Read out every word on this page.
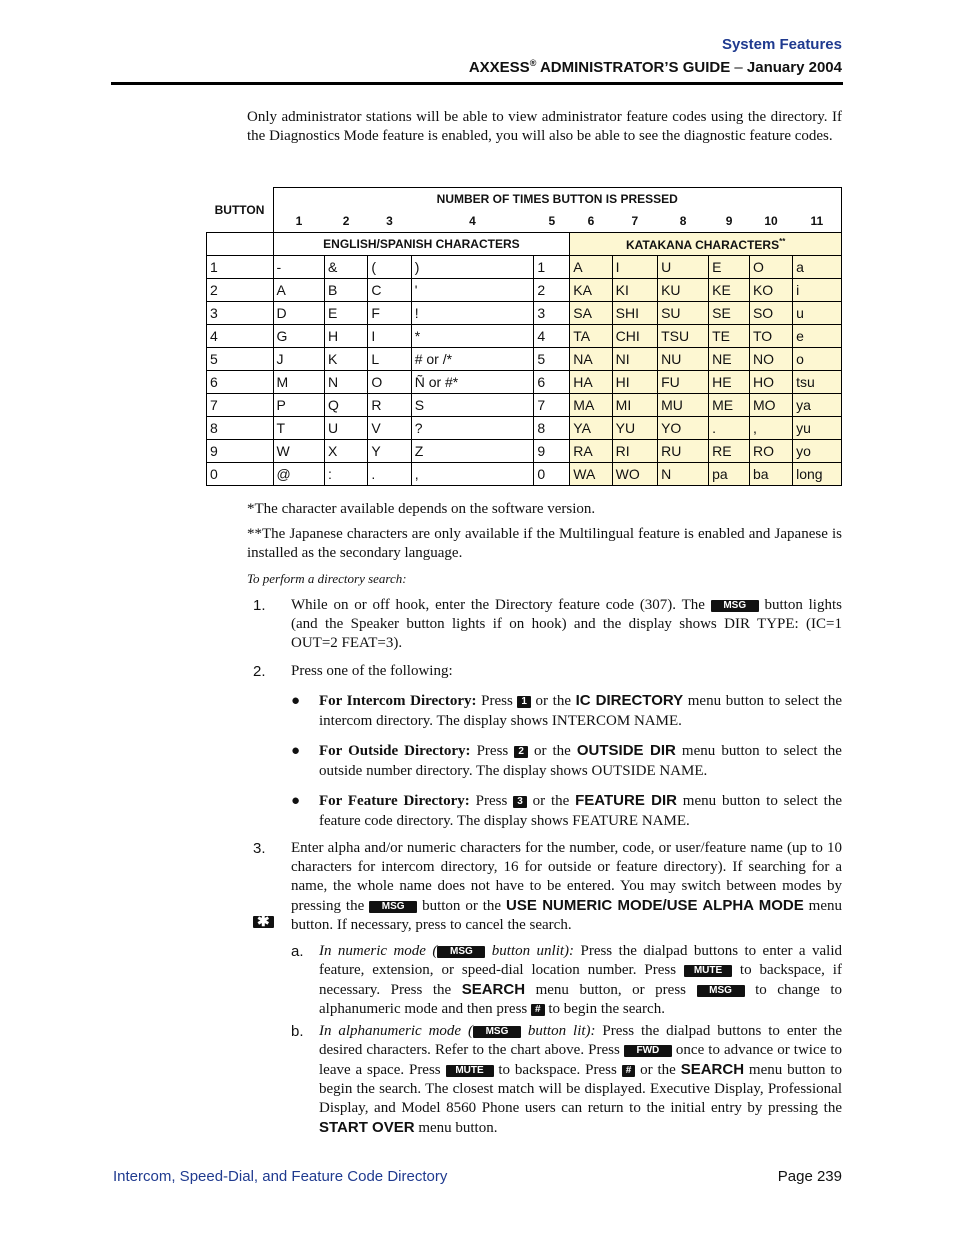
System Features
AXXESS® ADMINISTRATOR’S GUIDE – January 2004
Only administrator stations will be able to view administrator feature codes using the directory. If the Diagnostics Mode feature is enabled, you will also be able to see the diagnostic feature codes.
BUTTON	NUMBER OF TIMES BUTTON IS PRESSED										
	1	2	3	4	5	6	7	8	9	10	11
	ENGLISH/SPANISH CHARACTERS					KATAKANA CHARACTERS**
1	-	&	(	)	1	A	I	U	E	O	a
2	A	B	C	'	2	KA	KI	KU	KE	KO	i
3	D	E	F	!	3	SA	SHI	SU	SE	SO	u
4	G	H	I	*	4	TA	CHI	TSU	TE	TO	e
5	J	K	L	# or /*	5	NA	NI	NU	NE	NO	o
6	M	N	O	Ñ or #*	6	HA	HI	FU	HE	HO	tsu
7	P	Q	R	S	7	MA	MI	MU	ME	MO	ya
8	T	U	V	?	8	YA	YU	YO	.	,	yu
9	W	X	Y	Z	9	RA	RI	RU	RE	RO	yo
0	@	:	.	,	0	WA	WO	N	pa	ba	long

*The character available depends on the software version.

**The Japanese characters are only available if the Multilingual feature is enabled and Japanese is installed as the secondary language.

To perform a directory search:
1. While on or off hook, enter the Directory feature code (307). The MSG button lights (and the Speaker button lights if on hook) and the display shows DIR TYPE: (IC=1 OUT=2 FEAT=3).
2. Press one of the following:
● For Intercom Directory: Press 1 or the IC DIRECTORY menu button to select the intercom directory. The display shows INTERCOM NAME.
● For Outside Directory: Press 2 or the OUTSIDE DIR menu button to select the outside number directory. The display shows OUTSIDE NAME.
● For Feature Directory: Press 3 or the FEATURE DIR menu button to select the feature code directory. The display shows FEATURE NAME.
3. Enter alpha and/or numeric characters for the number, code, or user/feature name (up to 10 characters for intercom directory, 16 for outside or feature directory). If searching for a name, the whole name does not have to be entered. You may switch between modes by pressing the MSG button or the USE NUMERIC MODE/USE ALPHA MODE menu button. If necessary, press
✱	to cancel the search.
a. In numeric mode ( MSG button unlit): Press the dialpad buttons to enter a valid feature, extension, or speed-dial location number. Press MUTE to backspace, if necessary. Press the SEARCH menu button, or press MSG to change to alphanumeric mode and then press # to begin the search.
b. In alphanumeric mode ( MSG button lit): Press the dialpad buttons to enter the desired characters. Refer to the chart above. Press FWD once to advance or twice to leave a space. Press MUTE to backspace. Press # or the SEARCH menu button to begin the search. The closest match will be displayed. Executive Display, Professional Display, and Model 8560 Phone users can return to the initial entry by pressing the START OVER menu button.
Intercom, Speed-Dial, and Feature Code Directory	Page 239
